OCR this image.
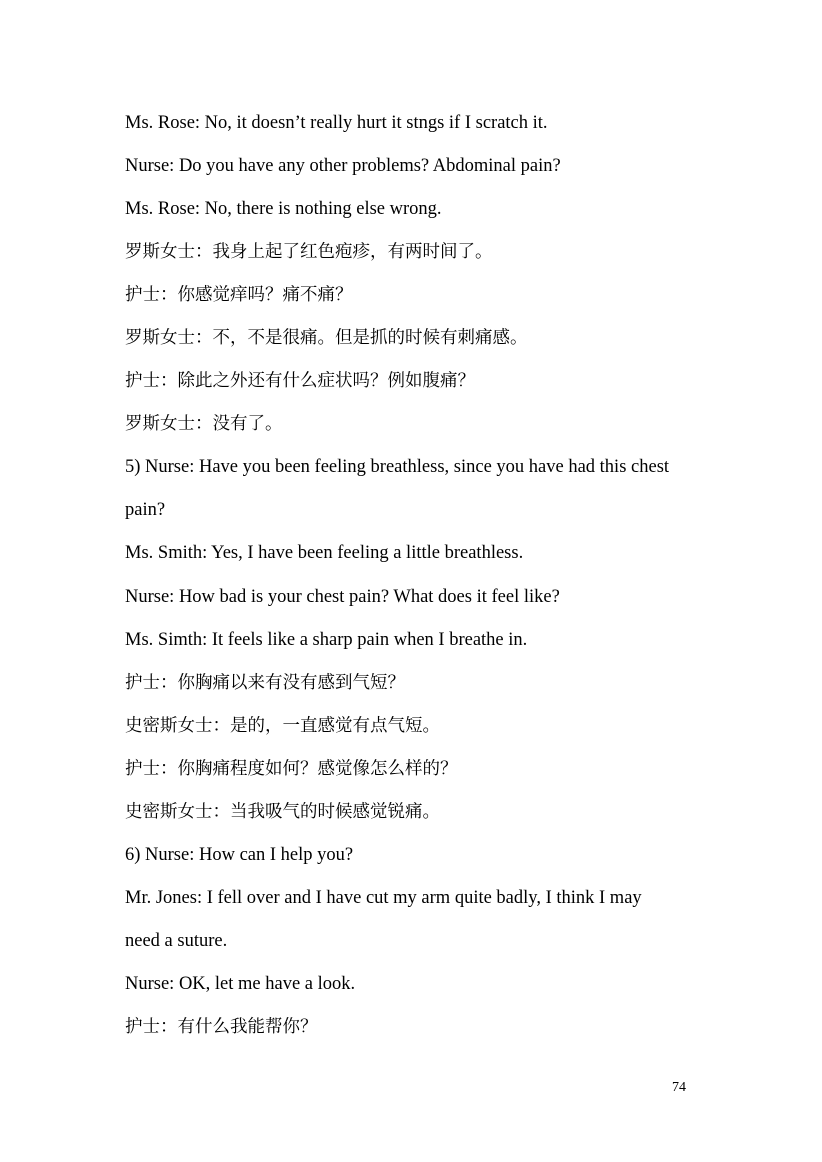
Ms. Rose: No, it doesn’t really hurt it stngs if I scratch it.
Nurse: Do you have any other problems? Abdominal pain?
Ms. Rose: No, there is nothing else wrong.
罗斯女士：我身上起了红色疱疹，有两时间了。
护士：你感觉痒吗？痛不痛？
罗斯女士：不，不是很痛。但是抓的时候有刺痛感。
护士：除此之外还有什么症状吗？例如腹痛？
罗斯女士：没有了。
5) Nurse: Have you been feeling breathless, since you have had this chest
pain?
Ms. Smith: Yes, I have been feeling a little breathless.
Nurse: How bad is your chest pain? What does it feel like?
Ms. Simth: It feels like a sharp pain when I breathe in.
护士：你胸痛以来有没有感到气短？
史密斯女士：是的，一直感觉有点气短。
护士：你胸痛程度如何？感觉像怎么样的？
史密斯女士：当我吸气的时候感觉锐痛。
6) Nurse: How can I help you?
Mr. Jones: I fell over and I have cut my arm quite badly, I think I may
need a suture.
Nurse: OK, let me have a look.
护士：有什么我能帮你？
74
